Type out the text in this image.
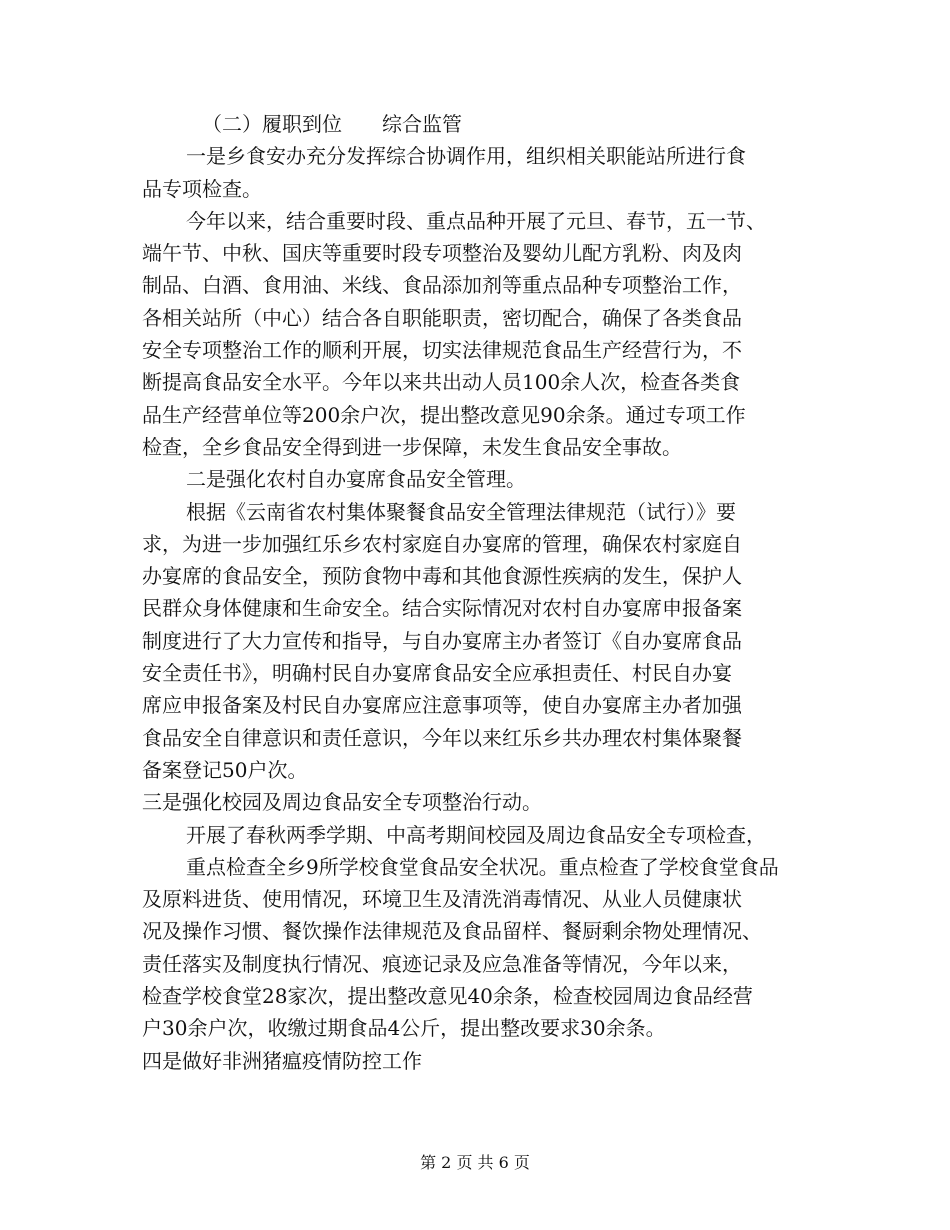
（二）履职到位 综合监管
一是乡食安办充分发挥综合协调作用，组织相关职能站所进行食
品专项检查。
今年以来，结合重要时段、重点品种开展了元旦、春节，五一节、
端午节、中秋、国庆等重要时段专项整治及婴幼儿配方乳粉、肉及肉
制品、白酒、食用油、米线、食品添加剂等重点品种专项整治工作，
各相关站所（中心）结合各自职能职责，密切配合，确保了各类食品
安全专项整治工作的顺利开展，切实法律规范食品生产经营行为，不
断提高食品安全水平。今年以来共出动人员100余人次，检查各类食
品生产经营单位等200余户次，提出整改意见90余条。通过专项工作
检查，全乡食品安全得到进一步保障，未发生食品安全事故。
二是强化农村自办宴席食品安全管理。
根据《云南省农村集体聚餐食品安全管理法律规范（试行）》要
求，为进一步加强红乐乡农村家庭自办宴席的管理，确保农村家庭自
办宴席的食品安全，预防食物中毒和其他食源性疾病的发生，保护人
民群众身体健康和生命安全。结合实际情况对农村自办宴席申报备案
制度进行了大力宣传和指导，与自办宴席主办者签订《自办宴席食品
安全责任书》，明确村民自办宴席食品安全应承担责任、村民自办宴
席应申报备案及村民自办宴席应注意事项等，使自办宴席主办者加强
食品安全自律意识和责任意识，今年以来红乐乡共办理农村集体聚餐
备案登记50户次。
三是强化校园及周边食品安全专项整治行动。
开展了春秋两季学期、中高考期间校园及周边食品安全专项检查，
重点检查全乡9所学校食堂食品安全状况。重点检查了学校食堂食品
及原料进货、使用情况，环境卫生及清洗消毒情况、从业人员健康状
况及操作习惯、餐饮操作法律规范及食品留样、餐厨剩余物处理情况、
责任落实及制度执行情况、痕迹记录及应急准备等情况，今年以来，
检查学校食堂28家次，提出整改意见40余条，检查校园周边食品经营
户30余户次，收缴过期食品4公斤，提出整改要求30余条。
四是做好非洲猪瘟疫情防控工作
第 2 页 共 6 页
